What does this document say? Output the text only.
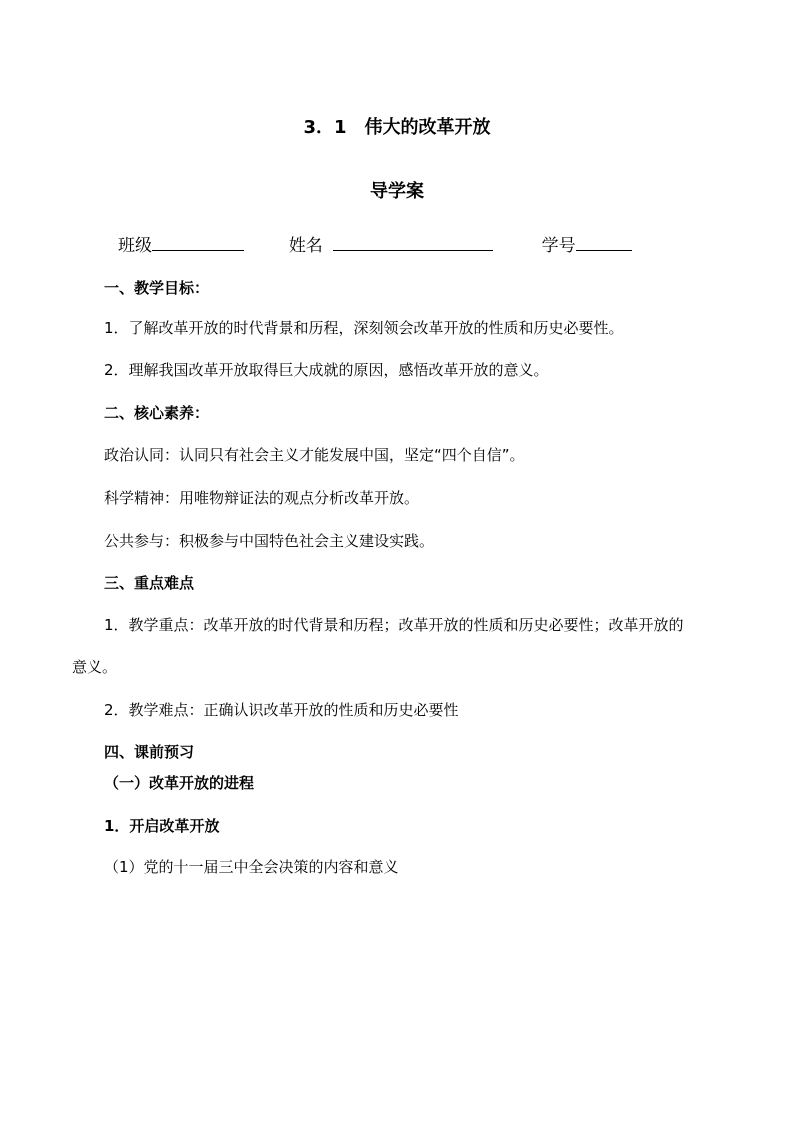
3．1　伟大的改革开放
导学案
班级	姓名	学号
一、教学目标：
1．了解改革开放的时代背景和历程，深刻领会改革开放的性质和历史必要性。
2．理解我国改革开放取得巨大成就的原因，感悟改革开放的意义。
二、核心素养：
政治认同：认同只有社会主义才能发展中国，坚定“四个自信”。
科学精神：用唯物辩证法的观点分析改革开放。
公共参与：积极参与中国特色社会主义建设实践。
三、重点难点
1．教学重点：改革开放的时代背景和历程；改革开放的性质和历史必要性；改革开放的
意义。
2．教学难点：正确认识改革开放的性质和历史必要性
四、课前预习
（一）改革开放的进程
1．开启改革开放
（1）党的十一届三中全会决策的内容和意义
